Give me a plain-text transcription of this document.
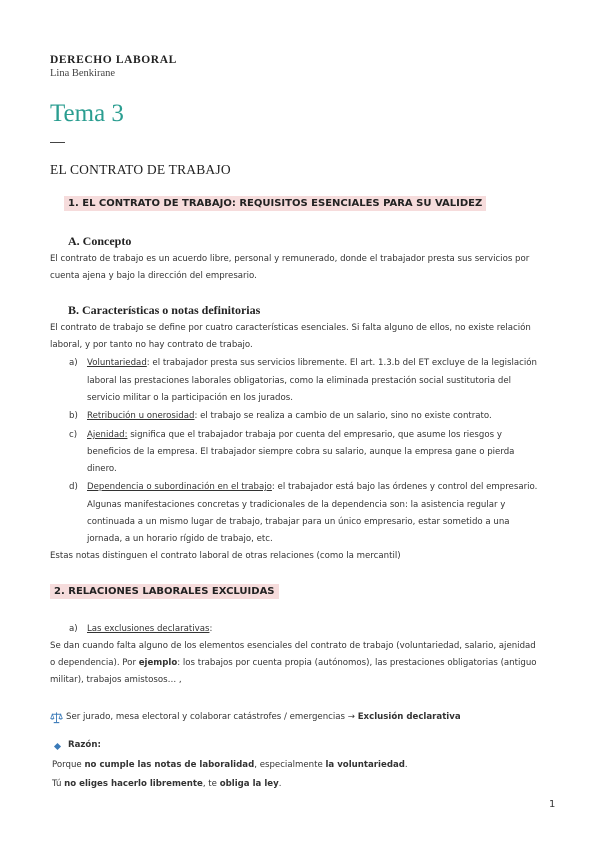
DERECHO LABORAL
Lina Benkirane
Tema 3
EL CONTRATO DE TRABAJO
1. EL CONTRATO DE TRABAJO: REQUISITOS ESENCIALES PARA SU VALIDEZ
A. Concepto
El contrato de trabajo es un acuerdo libre, personal y remunerado, donde el trabajador presta sus servicios por
cuenta ajena y bajo la dirección del empresario.
B. Características o notas definitorias
El contrato de trabajo se define por cuatro características esenciales. Si falta alguno de ellos, no existe relación
laboral, y por tanto no hay contrato de trabajo.
a) Voluntariedad: el trabajador presta sus servicios libremente. El art. 1.3.b del ET excluye de la legislación
laboral las prestaciones laborales obligatorias, como la eliminada prestación social sustitutoria del
servicio militar o la participación en los jurados.
b) Retribución u onerosidad: el trabajo se realiza a cambio de un salario, sino no existe contrato.
c) Ajenidad: significa que el trabajador trabaja por cuenta del empresario, que asume los riesgos y
beneficios de la empresa. El trabajador siempre cobra su salario, aunque la empresa gane o pierda
dinero.
d) Dependencia o subordinación en el trabajo: el trabajador está bajo las órdenes y control del empresario.
Algunas manifestaciones concretas y tradicionales de la dependencia son: la asistencia regular y
continuada a un mismo lugar de trabajo, trabajar para un único empresario, estar sometido a una
jornada, a un horario rígido de trabajo, etc.
Estas notas distinguen el contrato laboral de otras relaciones (como la mercantil)
2. RELACIONES LABORALES EXCLUIDAS
a) Las exclusiones declarativas:
Se dan cuando falta alguno de los elementos esenciales del contrato de trabajo (voluntariedad, salario, ajenidad
o dependencia). Por ejemplo: los trabajos por cuenta propia (autónomos), las prestaciones obligatorias (antiguo
militar), trabajos amistosos… ,
Ser jurado, mesa electoral y colaborar catástrofes / emergencias → Exclusión declarativa
Razón:
Porque no cumple las notas de laboralidad, especialmente la voluntariedad.
Tú no eliges hacerlo libremente, te obliga la ley.
1
